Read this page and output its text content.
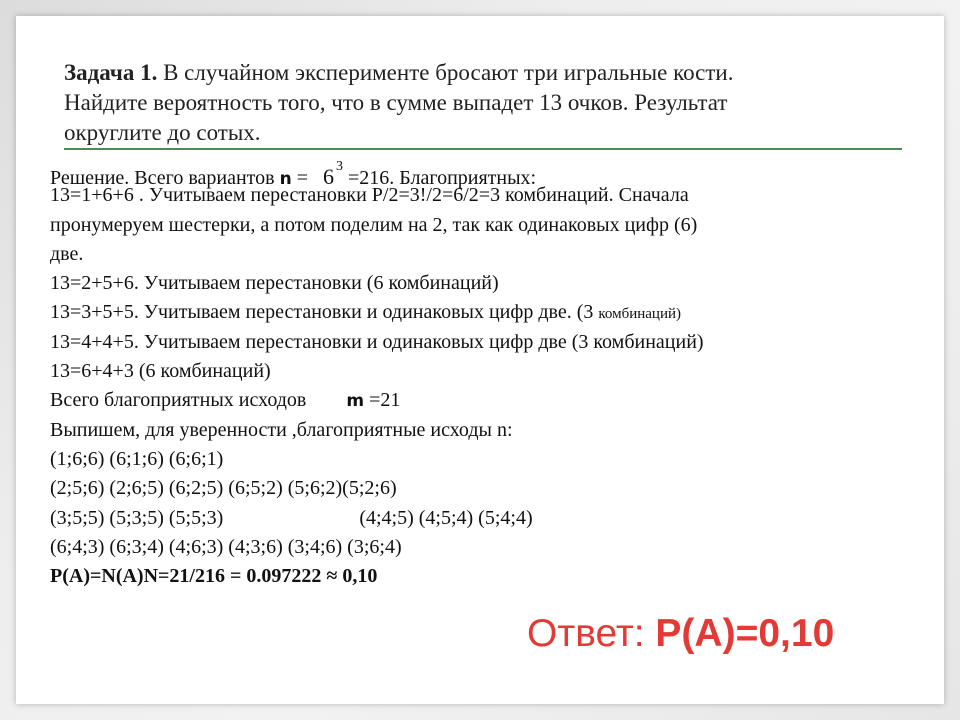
Задача 1. В случайном эксперименте бросают три игральные кости.
Найдите вероятность того, что в сумме выпадет 13 очков. Результат
округлите до сотых.
Решение. Всего вариантов n = 6 $^3$ =216. Благоприятных:
13=1+6+6 . Учитываем перестановки P/2=3!/2=6/2=3 комбинаций. Сначала
пронумеруем шестерки, а потом поделим на 2, так как одинаковых цифр (6)
две.
13=2+5+6. Учитываем перестановки (6 комбинаций)
13=3+5+5. Учитываем перестановки и одинаковых цифр две. (3 комбинаций)
13=4+4+5. Учитываем перестановки и одинаковых цифр две (3 комбинаций)
13=6+4+3 (6 комбинаций)
Всего благоприятных исходов        m =21
Выпишем, для уверенности ,благоприятные исходы n:
(1;6;6) (6;1;6) (6;6;1)
(2;5;6) (2;6;5) (6;2;5) (6;5;2) (5;6;2)(5;2;6)
(3;5;5) (5;3;5) (5;5;3)	(4;4;5) (4;5;4) (5;4;4)
(6;4;3) (6;3;4) (4;6;3) (4;3;6) (3;4;6) (3;6;4)
P(A)=N(A)N=21/216 = 0.097222 ≈ 0,10
Ответ: P(A)=0,10
